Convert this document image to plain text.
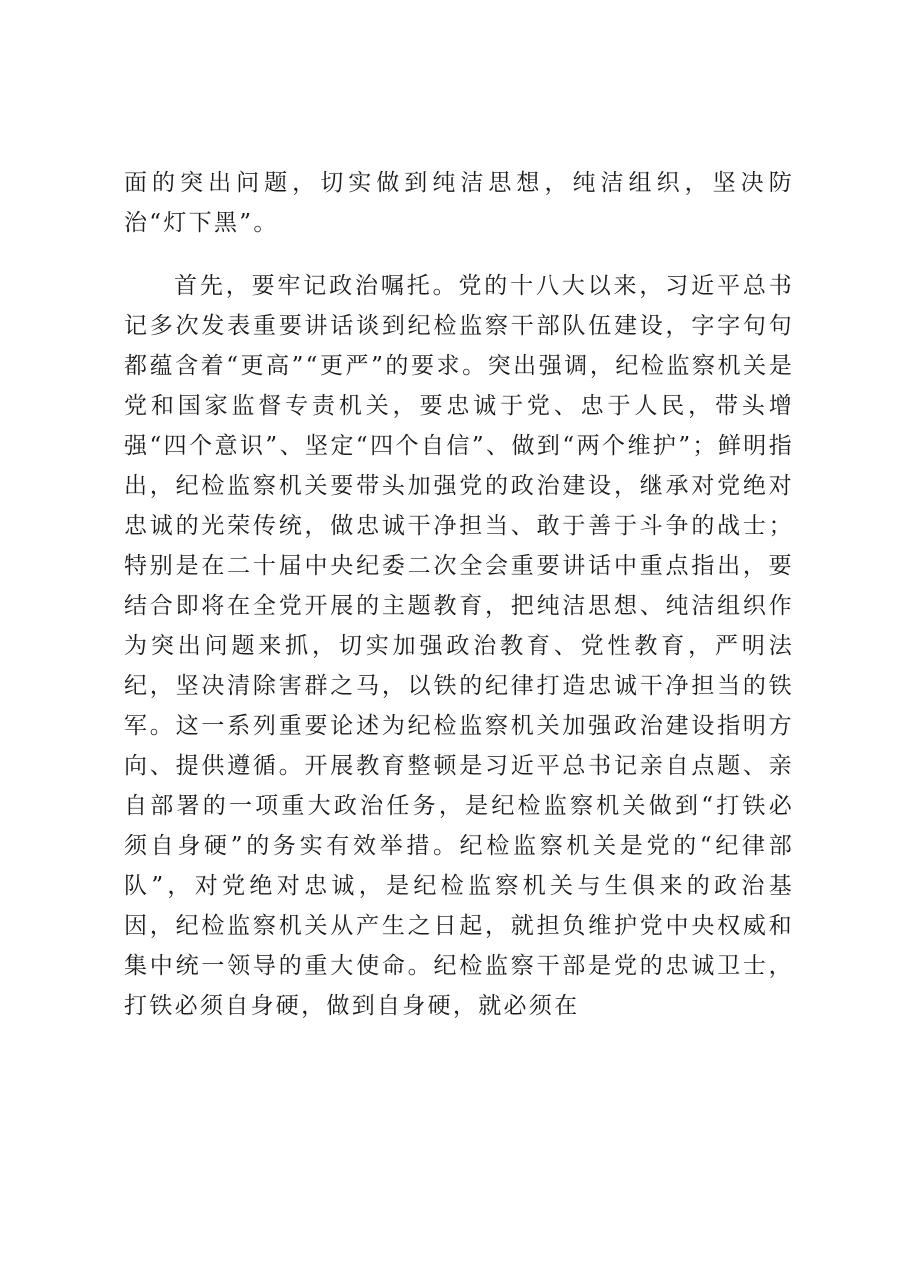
面的突出问题，切实做到纯洁思想，纯洁组织，坚决防治“灯下黑”。

首先，要牢记政治嘱托。党的十八大以来，习近平总书记多次发表重要讲话谈到纪检监察干部队伍建设，字字句句都蕴含着“更高”“更严”的要求。突出强调，纪检监察机关是党和国家监督专责机关，要忠诚于党、忠于人民，带头增强“四个意识”、坚定“四个自信”、做到“两个维护”；鲜明指出，纪检监察机关要带头加强党的政治建设，继承对党绝对忠诚的光荣传统，做忠诚干净担当、敢于善于斗争的战士；特别是在二十届中央纪委二次全会重要讲话中重点指出，要结合即将在全党开展的主题教育，把纯洁思想、纯洁组织作为突出问题来抓，切实加强政治教育、党性教育，严明法纪，坚决清除害群之马，以铁的纪律打造忠诚干净担当的铁军。这一系列重要论述为纪检监察机关加强政治建设指明方向、提供遵循。开展教育整顿是习近平总书记亲自点题、亲自部署的一项重大政治任务，是纪检监察机关做到“打铁必须自身硬”的务实有效举措。纪检监察机关是党的“纪律部队”，对党绝对忠诚，是纪检监察机关与生俱来的政治基因，纪检监察机关从产生之日起，就担负维护党中央权威和集中统一领导的重大使命。纪检监察干部是党的忠诚卫士，打铁必须自身硬，做到自身硬，就必须在
